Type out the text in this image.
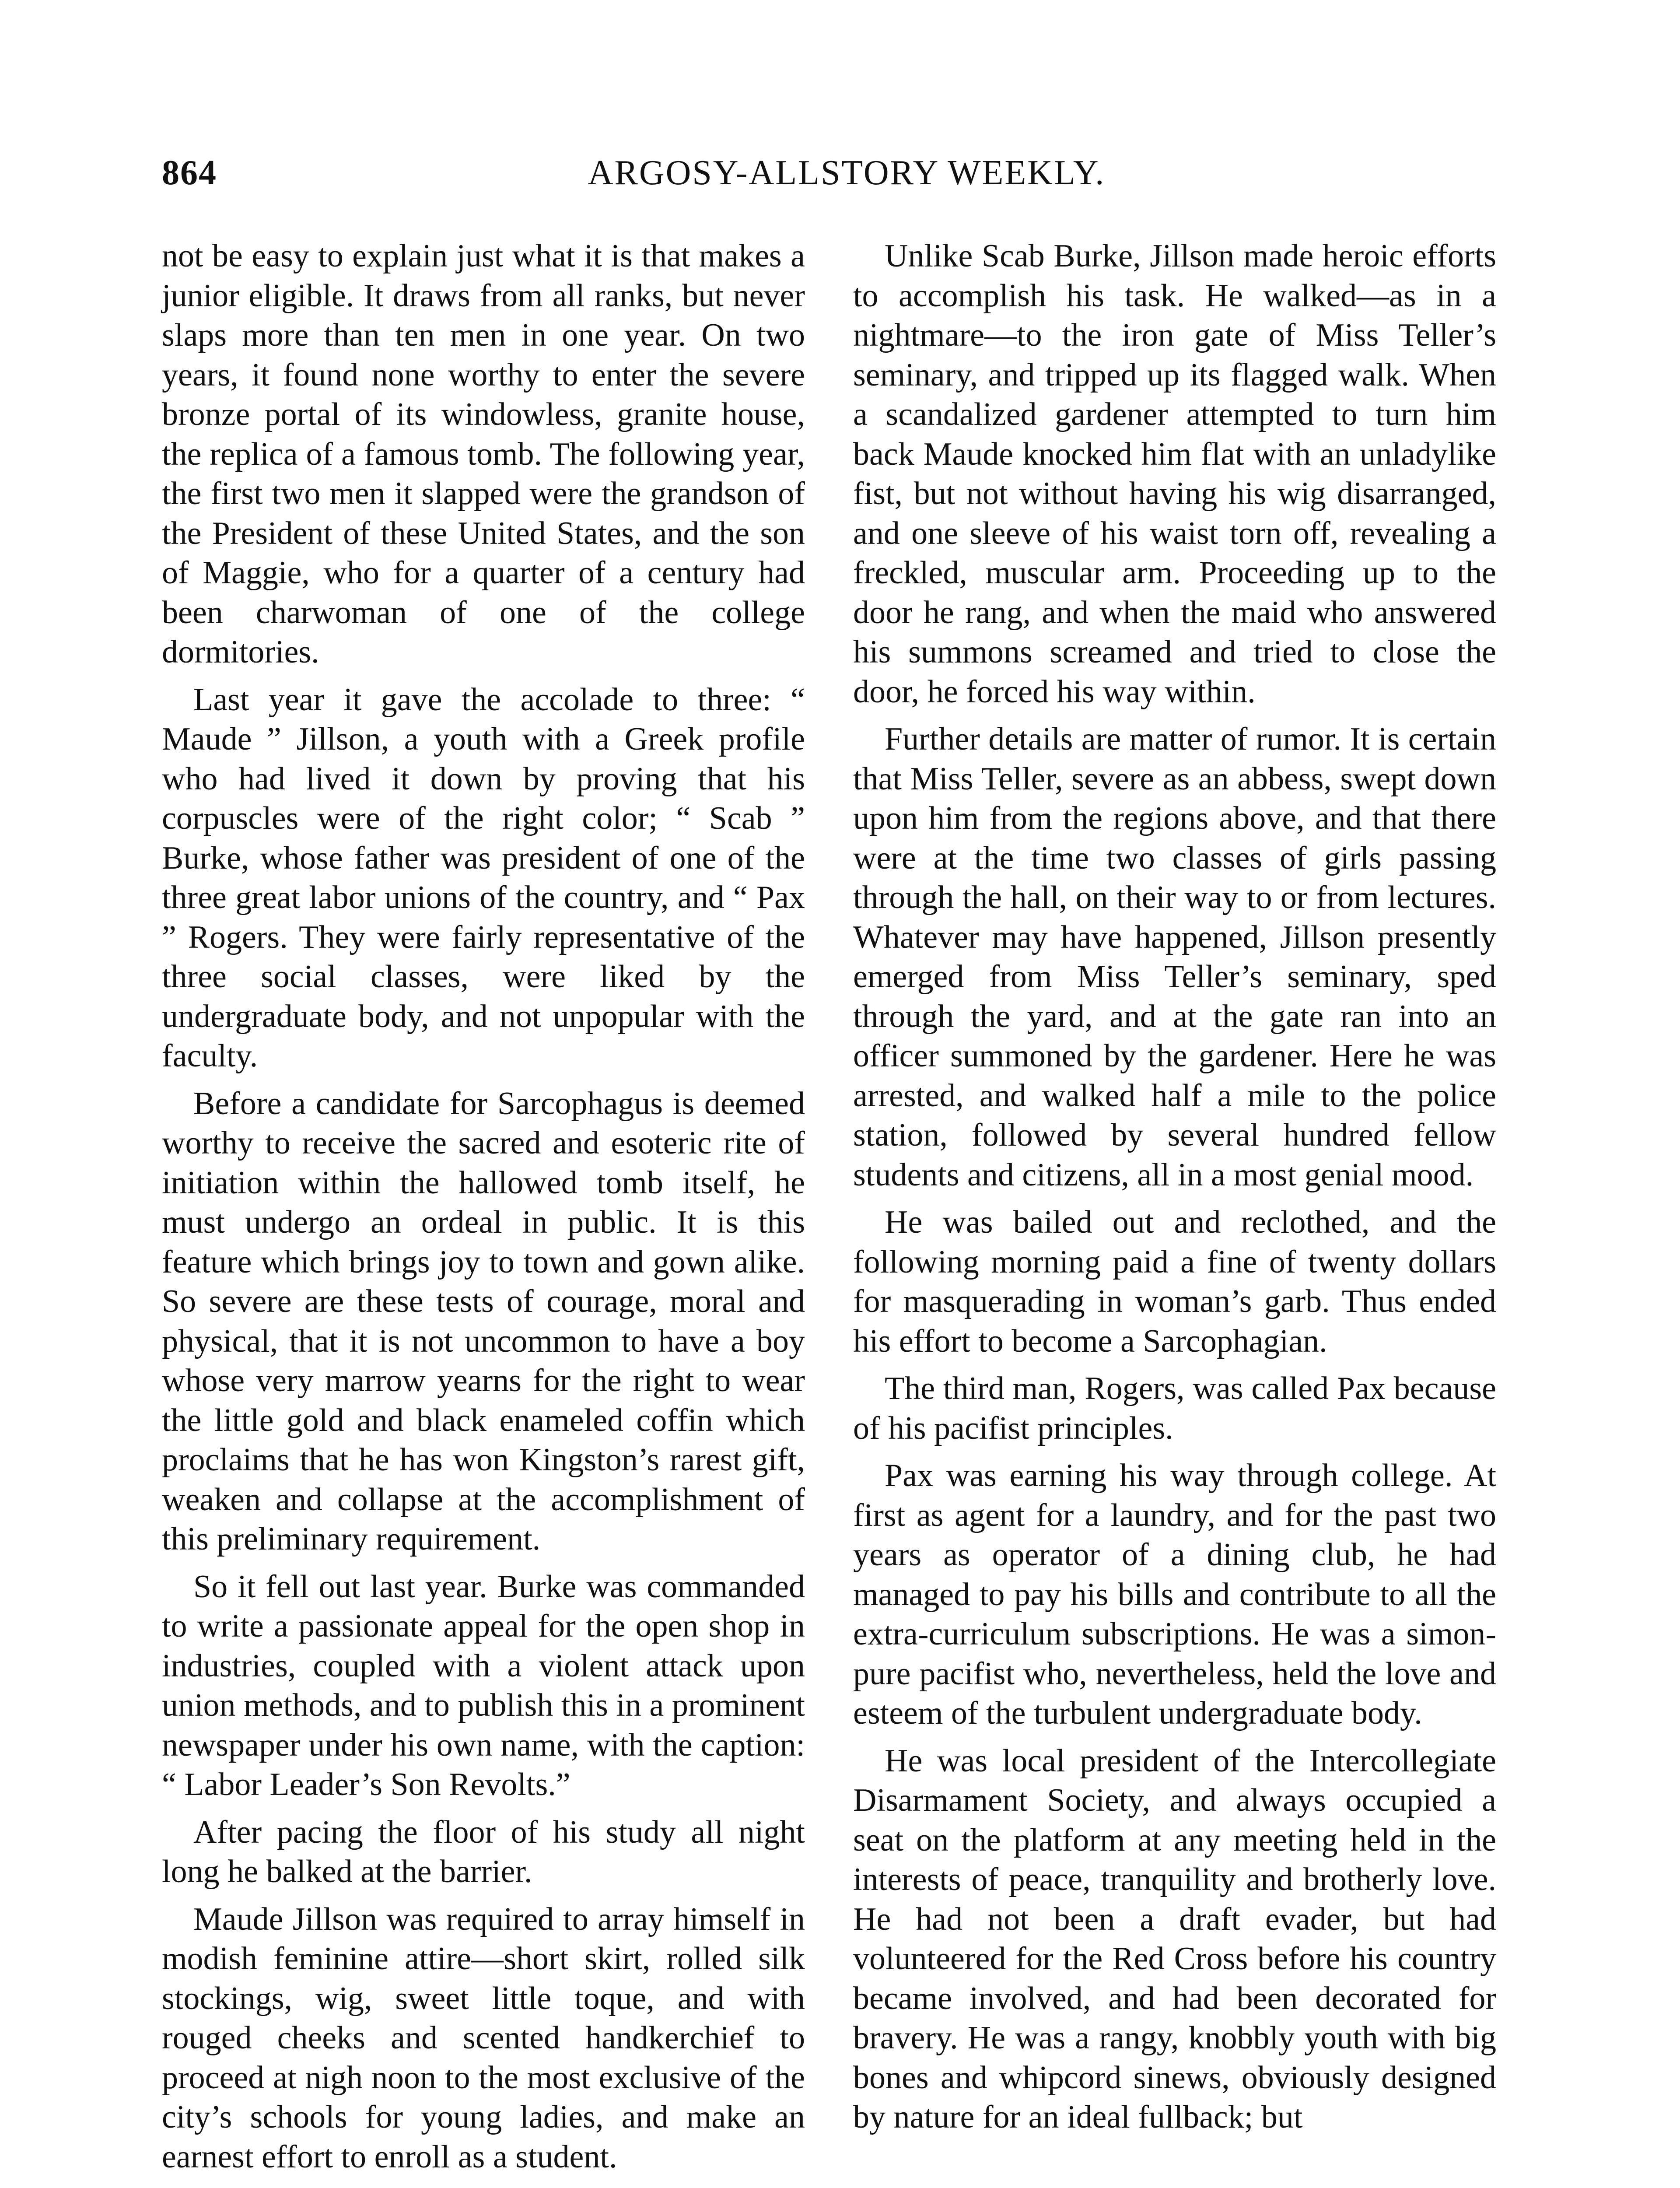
864	ARGOSY-ALLSTORY WEEKLY.

not be easy to explain just what it is that makes a junior eligible. It draws from all ranks, but never slaps more than ten men in one year. On two years, it found none worthy to enter the severe bronze portal of its windowless, granite house, the replica of a famous tomb. The following year, the first two men it slapped were the grandson of the President of these United States, and the son of Maggie, who for a quarter of a century had been charwoman of one of the college dormitories.

Last year it gave the accolade to three: “ Maude ” Jillson, a youth with a Greek profile who had lived it down by proving that his corpuscles were of the right color; “ Scab ” Burke, whose father was president of one of the three great labor unions of the country, and “ Pax ” Rogers. They were fairly representative of the three social classes, were liked by the undergraduate body, and not unpopular with the faculty.

Before a candidate for Sarcophagus is deemed worthy to receive the sacred and esoteric rite of initiation within the hallowed tomb itself, he must undergo an ordeal in public. It is this feature which brings joy to town and gown alike. So severe are these tests of courage, moral and physical, that it is not uncommon to have a boy whose very marrow yearns for the right to wear the little gold and black enameled coffin which proclaims that he has won Kingston’s rarest gift, weaken and collapse at the accomplishment of this preliminary requirement.

So it fell out last year. Burke was commanded to write a passionate appeal for the open shop in industries, coupled with a violent attack upon union methods, and to publish this in a prominent newspaper under his own name, with the caption: “ Labor Leader’s Son Revolts.”

After pacing the floor of his study all night long he balked at the barrier.

Maude Jillson was required to array himself in modish feminine attire—short skirt, rolled silk stockings, wig, sweet little toque, and with rouged cheeks and scented handkerchief to proceed at nigh noon to the most exclusive of the city’s schools for young ladies, and make an earnest effort to enroll as a student.

Unlike Scab Burke, Jillson made heroic efforts to accomplish his task. He walked—as in a nightmare—to the iron gate of Miss Teller’s seminary, and tripped up its flagged walk. When a scandalized gardener attempted to turn him back Maude knocked him flat with an unladylike fist, but not without having his wig disarranged, and one sleeve of his waist torn off, revealing a freckled, muscular arm. Proceeding up to the door he rang, and when the maid who answered his summons screamed and tried to close the door, he forced his way within.

Further details are matter of rumor. It is certain that Miss Teller, severe as an abbess, swept down upon him from the regions above, and that there were at the time two classes of girls passing through the hall, on their way to or from lectures. Whatever may have happened, Jillson presently emerged from Miss Teller’s seminary, sped through the yard, and at the gate ran into an officer summoned by the gardener. Here he was arrested, and walked half a mile to the police station, followed by several hundred fellow students and citizens, all in a most genial mood.

He was bailed out and reclothed, and the following morning paid a fine of twenty dollars for masquerading in woman’s garb. Thus ended his effort to become a Sarcophagian.

The third man, Rogers, was called Pax because of his pacifist principles.

Pax was earning his way through college. At first as agent for a laundry, and for the past two years as operator of a dining club, he had managed to pay his bills and contribute to all the extra-curriculum subscriptions. He was a simon-pure pacifist who, nevertheless, held the love and esteem of the turbulent undergraduate body.

He was local president of the Intercollegiate Disarmament Society, and always occupied a seat on the platform at any meeting held in the interests of peace, tranquility and brotherly love. He had not been a draft evader, but had volunteered for the Red Cross before his country became involved, and had been decorated for bravery. He was a rangy, knobbly youth with big bones and whipcord sinews, obviously designed by nature for an ideal fullback; but
